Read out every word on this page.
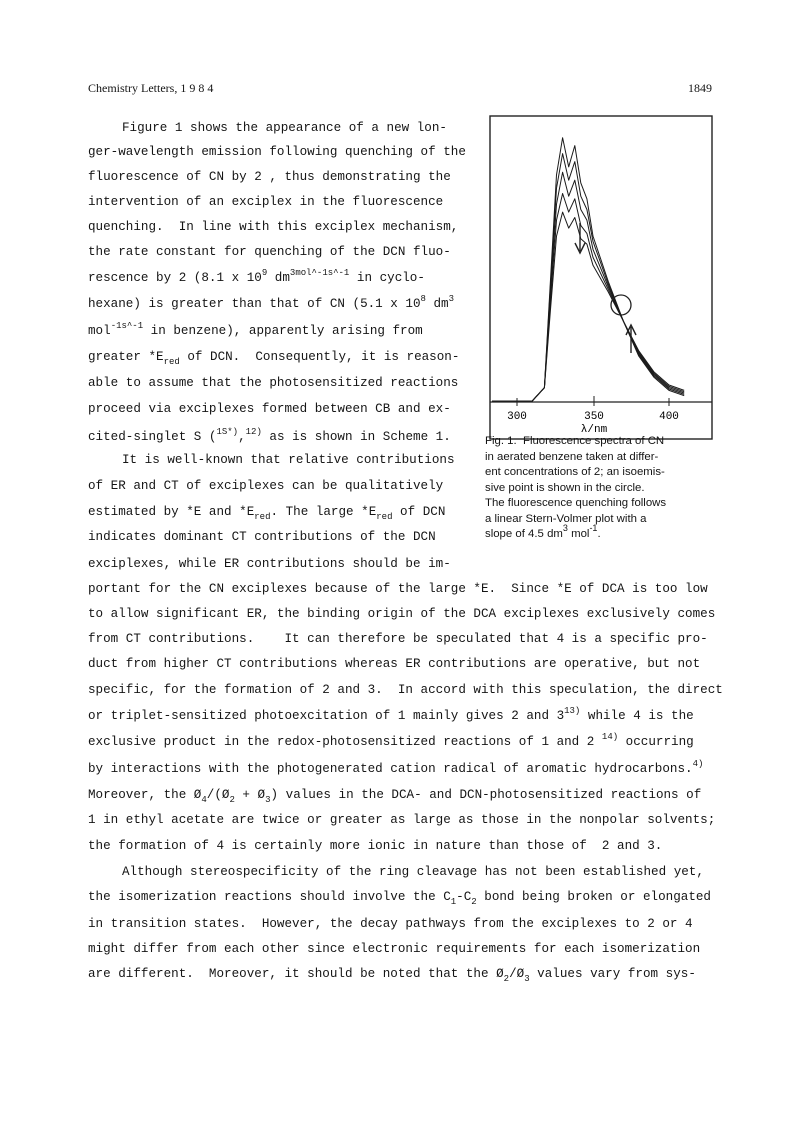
Chemistry Letters, 1 9 8 4	1849
Figure 1 shows the appearance of a new lon-
ger-wavelength emission following quenching of the
fluorescence of CN by 2 , thus demonstrating the
intervention of an exciplex in the fluorescence
quenching.  In line with this exciplex mechanism,
the rate constant for quenching of the DCN fluo-
rescence by 2 (8.1 x $10^9$ $dm^{3mol\^{}-1s\^{}-1}$ in cyclo-
hexane) is greater than that of CN (5.1 x $10^8$ $dm^3$
mol$^{-1s\^{}-1}$ in benzene), apparently arising from
greater $*E_{red}$ of DCN.  Consequently, it is reason-
able to assume that the photosensitized reactions
proceed via exciplexes formed between CB and ex-
cited-singlet S ($^{1S*)}$,$^{12)}$ as is shown in Scheme 1.
It is well-known that relative contributions
of ER and CT of exciplexes can be qualitatively
estimated by *E and $*E_{red}$. The large $*E_{red}$ of DCN
indicates dominant CT contributions of the DCN
exciplexes, while ER contributions should be im-
300	350	400
λ/nm
Fig. 1.  Fluorescence spectra of CN
in aerated benzene taken at differ-
ent concentrations of 2; an isoemis-
sive point is shown in the circle.
The fluorescence quenching follows
a linear Stern-Volmer plot with a
slope of 4.5 $dm^3$ mol$^{-1}$.
portant for the CN exciplexes because of the large *E.  Since *E of DCA is too low
to allow significant ER, the binding origin of the DCA exciplexes exclusively comes
from CT contributions.    It can therefore be speculated that 4 is a specific pro-
duct from higher CT contributions whereas ER contributions are operative, but not
specific, for the formation of 2 and 3.  In accord with this speculation, the direct
or triplet-sensitized photoexcitation of 1 mainly gives 2 and 3$^{13)}$ while 4 is the
exclusive product in the redox-photosensitized reactions of 1 and 2 $^{14)}$ occurring
by interactions with the photogenerated cation radical of aromatic hydrocarbons.$^{4)}$
Moreover, the $Ø_4/(Ø_2$ + $Ø_3$) values in the DCA- and DCN-photosensitized reactions of
1 in ethyl acetate are twice or greater as large as those in the nonpolar solvents;
the formation of 4 is certainly more ionic in nature than those of  2 and 3.
Although stereospecificity of the ring cleavage has not been established yet,
the isomerization reactions should involve the $C_1-C_2$ bond being broken or elongated
in transition states.  However, the decay pathways from the exciplexes to 2 or 4
might differ from each other since electronic requirements for each isomerization
are different.  Moreover, it should be noted that the $Ø_2/Ø_3$ values vary from sys-
